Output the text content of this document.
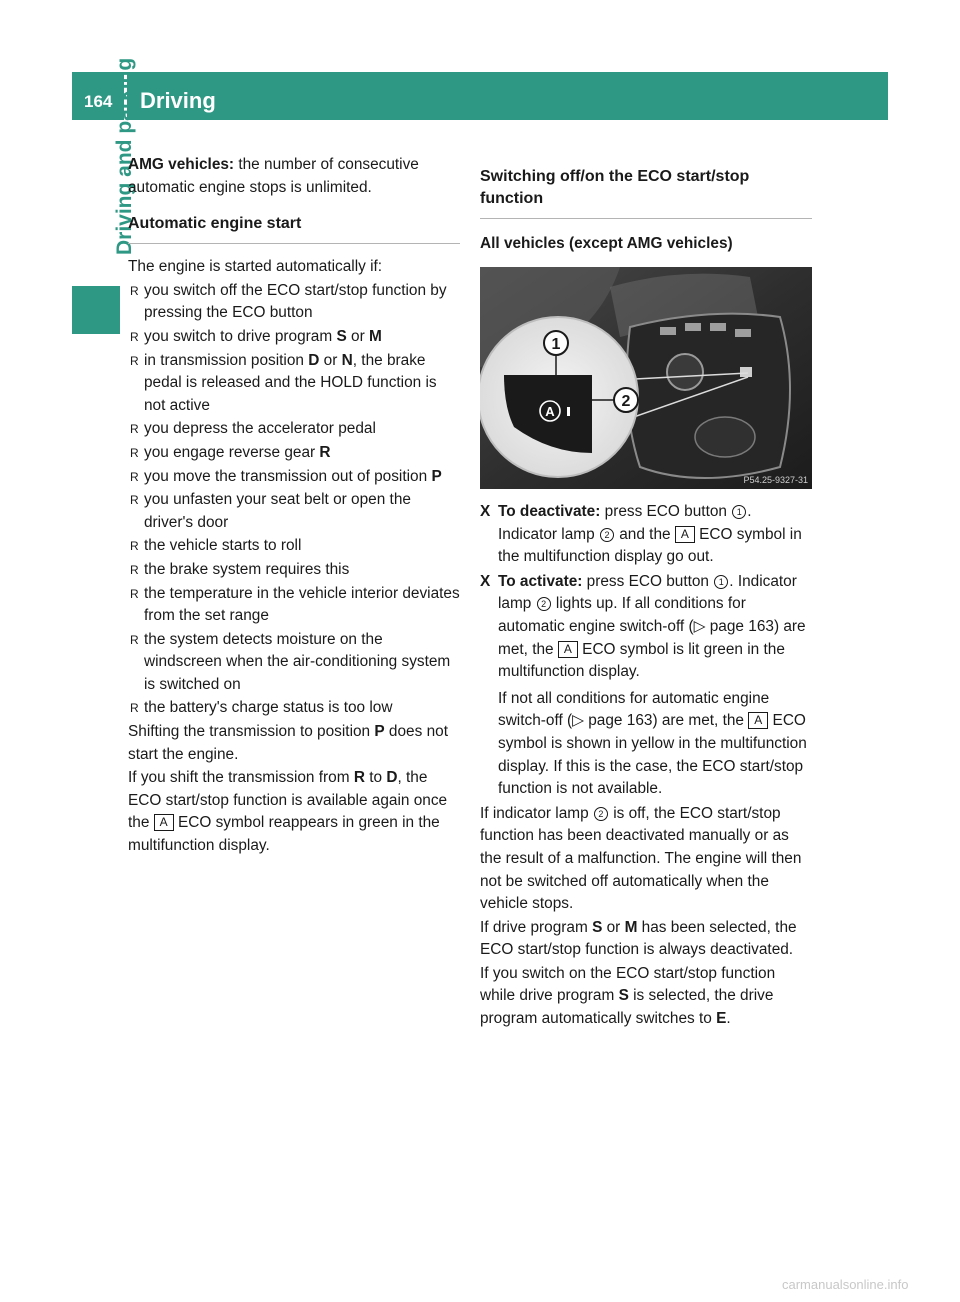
164 Driving
Driving and parking

AMG vehicles: the number of consecutive automatic engine stops is unlimited.

Automatic engine start

The engine is started automatically if:

R you switch off the ECO start/stop function by pressing the ECO button
R you switch to drive program S or M
R in transmission position D or N, the brake pedal is released and the HOLD function is not active
R you depress the accelerator pedal
R you engage reverse gear R
R you move the transmission out of position P
R you unfasten your seat belt or open the driver's door
R the vehicle starts to roll
R the brake system requires this
R the temperature in the vehicle interior deviates from the set range
R the system detects moisture on the windscreen when the air-conditioning system is switched on
R the battery's charge status is too low

Shifting the transmission to position P does not start the engine.

If you shift the transmission from R to D, the ECO start/stop function is available again once the A ECO symbol reappears in green in the multifunction display.

Switching off/on the ECO start/stop function
All vehicles (except AMG vehicles)
A
1
2
P54.25-9327-31
X To deactivate: press ECO button 1 . Indicator lamp 2 and the A ECO symbol in the multifunction display go out.
X To activate: press ECO button 1 . Indicator lamp 2 lights up. If all conditions for automatic engine switch-off (▷ page 163) are met, the A ECO symbol is lit green in the multifunction display.

If not all conditions for automatic engine switch-off (▷ page 163) are met, the A ECO symbol is shown in yellow in the multifunction display. If this is the case, the ECO start/stop function is not available.

If indicator lamp 2 is off, the ECO start/stop function has been deactivated manually or as the result of a malfunction. The engine will then not be switched off automatically when the vehicle stops.

If drive program S or M has been selected, the ECO start/stop function is always deactivated.

If you switch on the ECO start/stop function while drive program S is selected, the drive program automatically switches to E.

carmanualsonline.info
